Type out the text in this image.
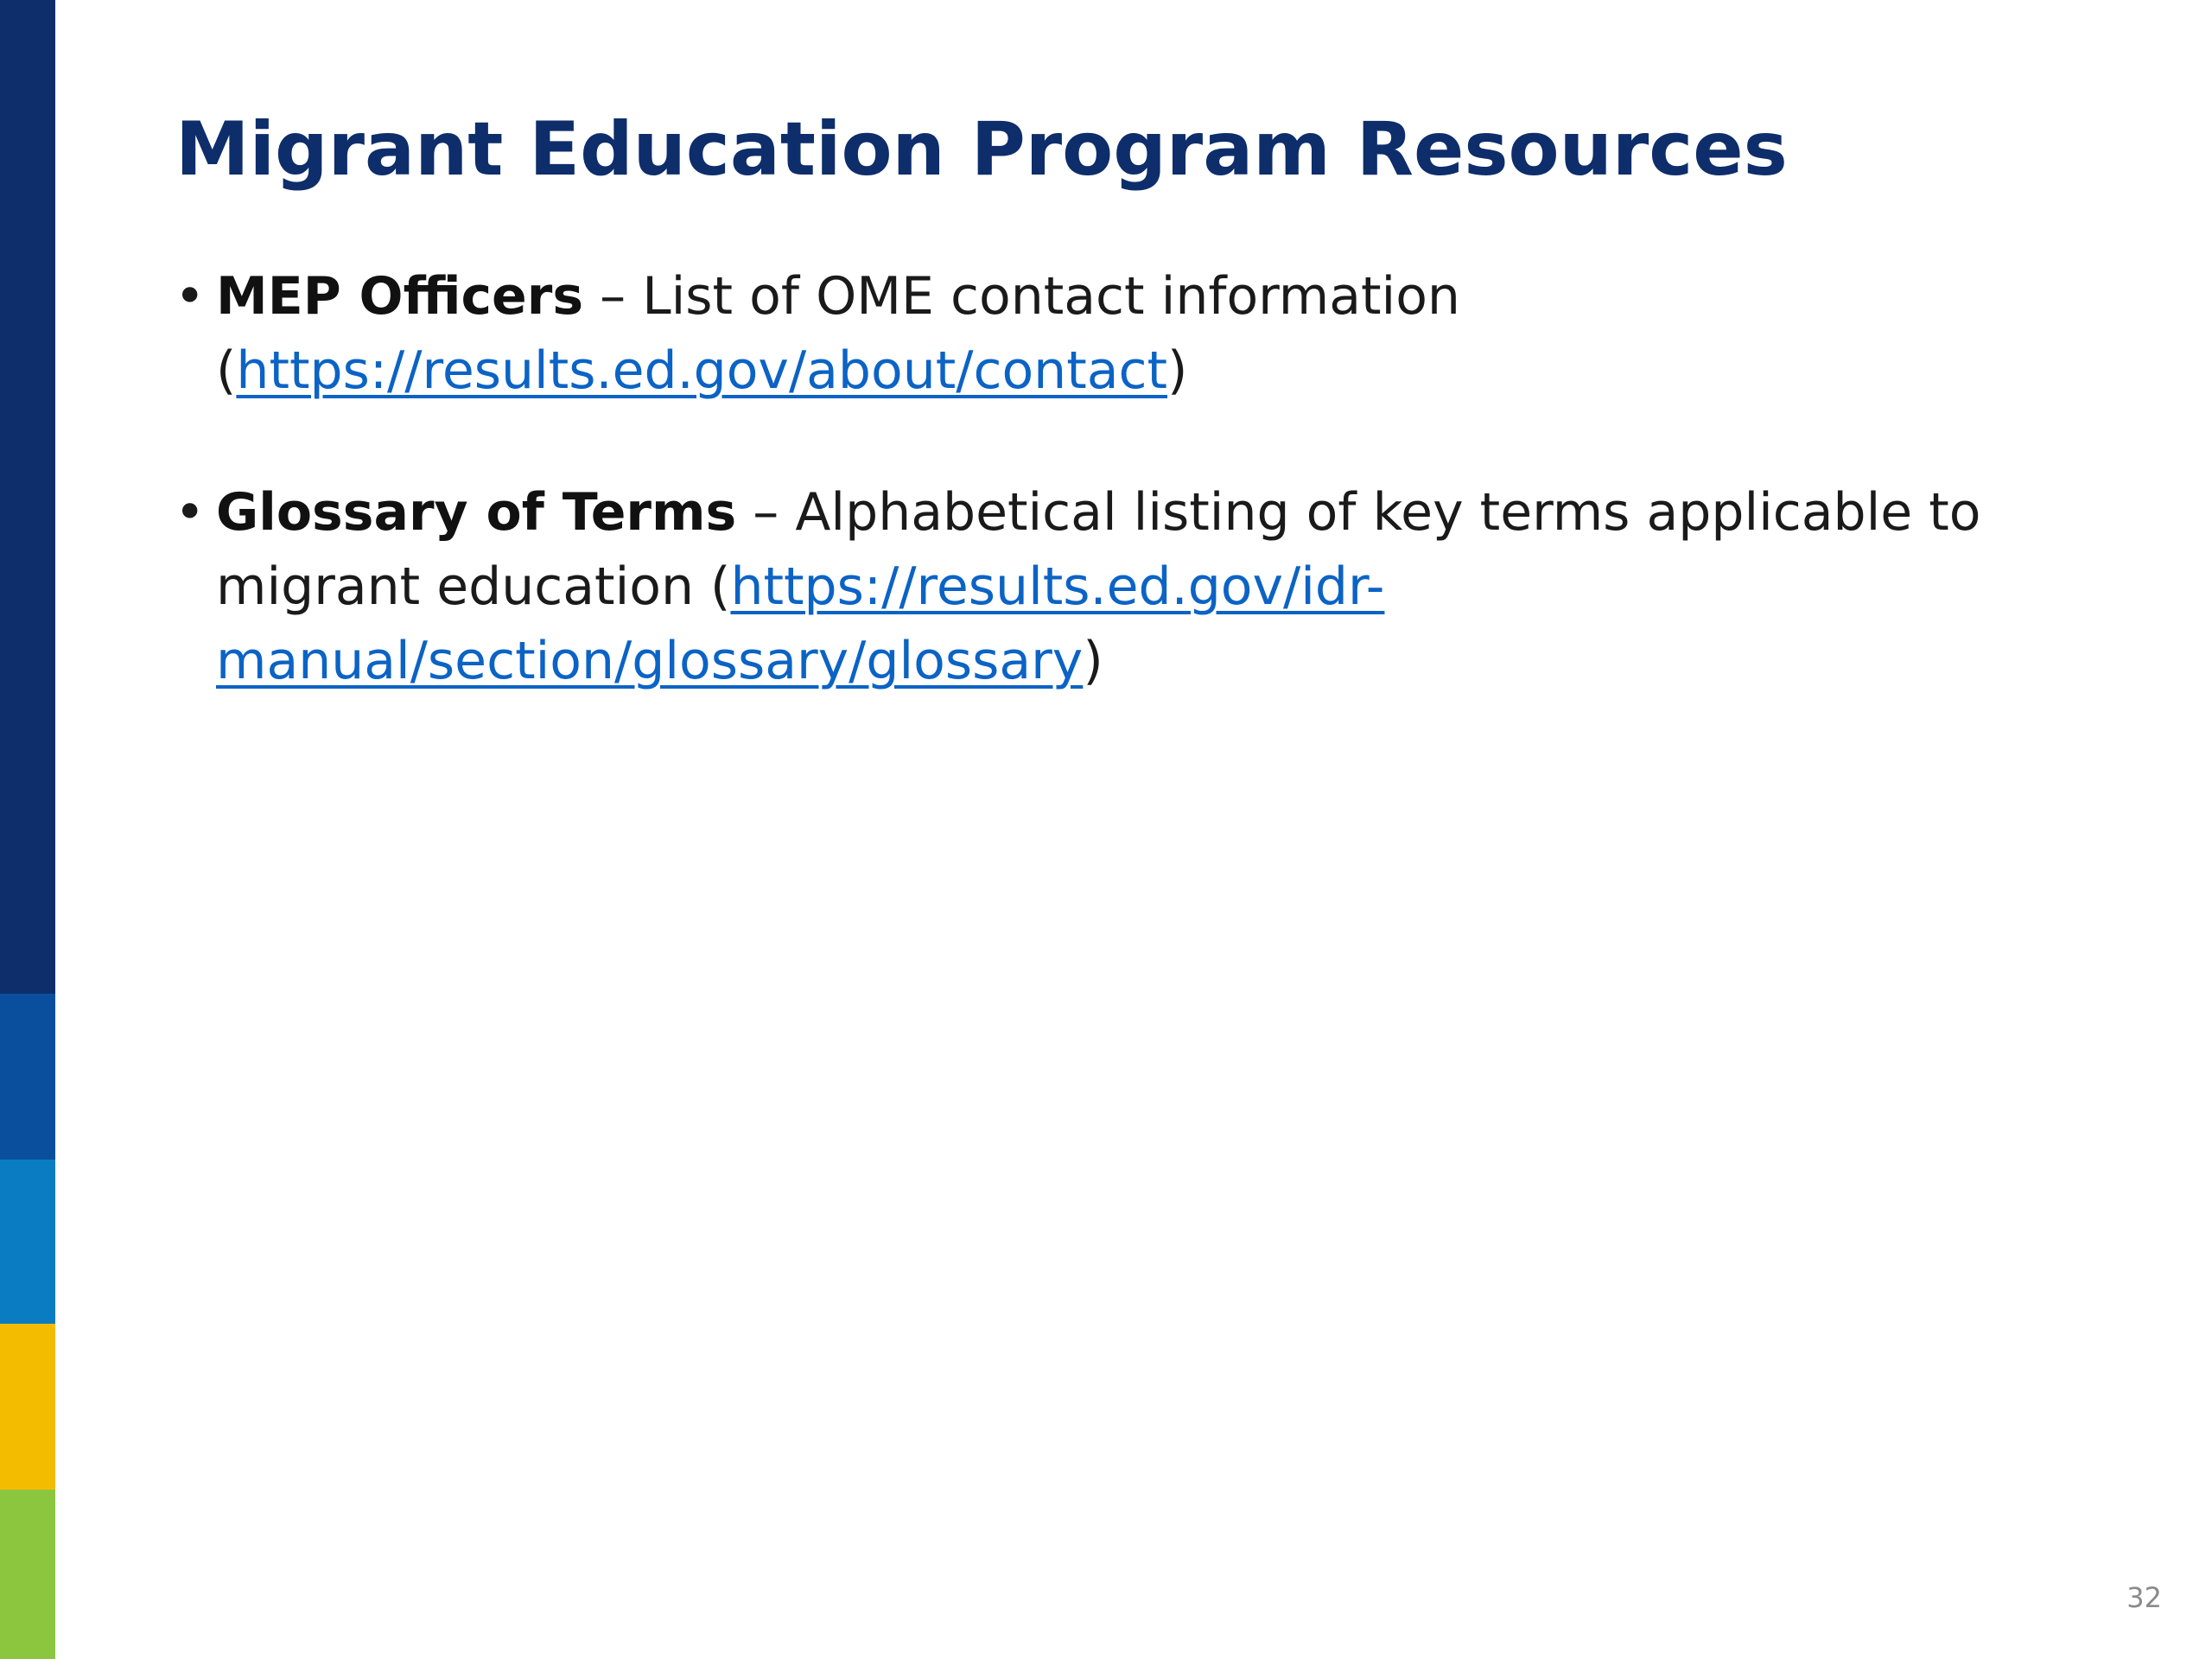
Migrant Education Program Resources
• MEP Officers – List of OME contact information
(https://results.ed.gov/about/contact)
• Glossary of Terms – Alphabetical listing of key terms applicable to migrant education (https://results.ed.gov/idr-manual/section/glossary/glossary)
32
